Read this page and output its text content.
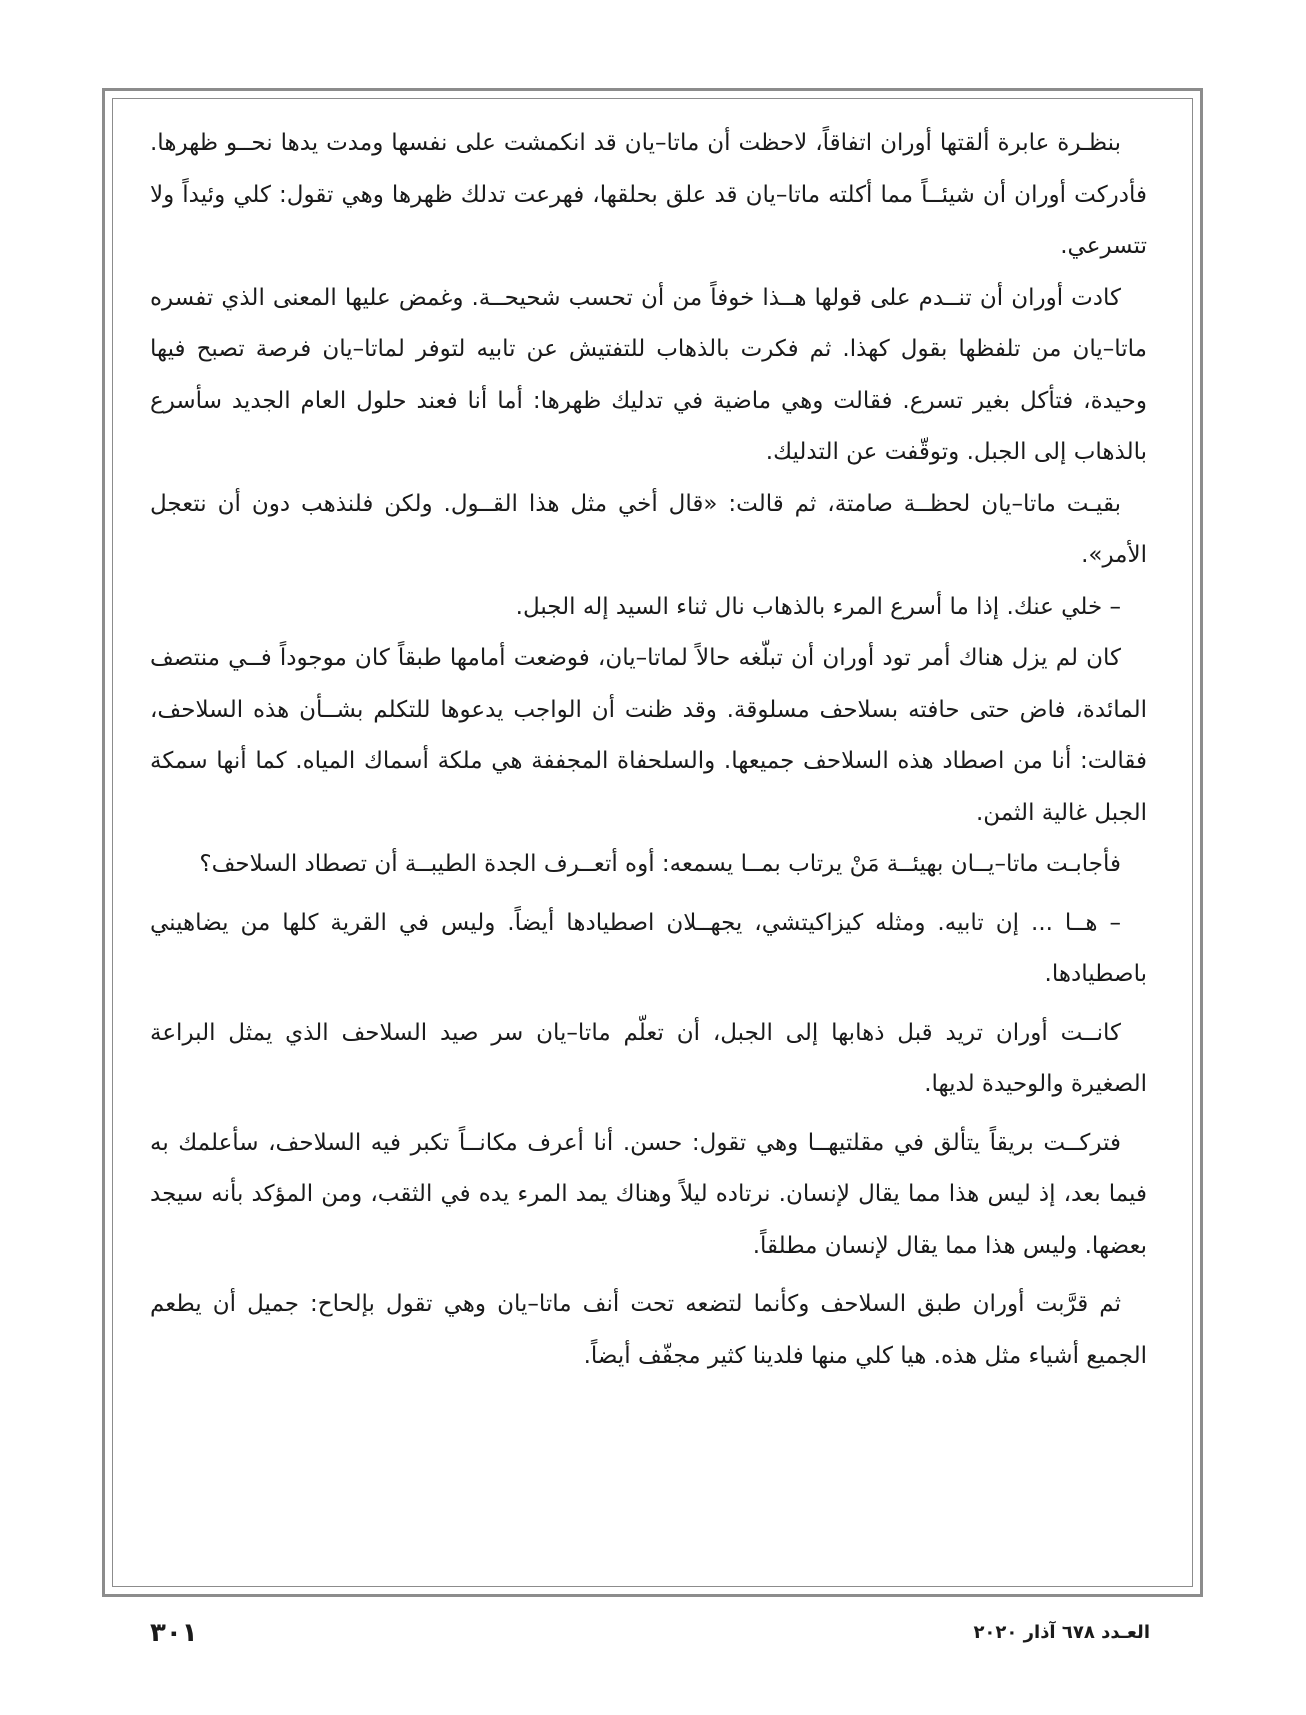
بنظـرة عابرة ألقتها أوران اتفاقاً، لاحظت أن ماتا–يان قد انكمشت على نفسها ومدت يدها نحــو ظهرها. فأدركت أوران أن شيئــاً مما أكلته ماتا–يان قد علق بحلقها، فهرعت تدلك ظهرها وهي تقول: كلي وئيداً ولا تتسرعي.

كادت أوران أن تنــدم على قولها هــذا خوفاً من أن تحسب شحيحــة. وغمض عليها المعنى الذي تفسره ماتا–يان من تلفظها بقول كهذا. ثم فكرت بالذهاب للتفتيش عن تابيه لتوفر لماتا–يان فرصة تصبح فيها وحيدة، فتأكل بغير تسرع. فقالت وهي ماضية في تدليك ظهرها: أما أنا فعند حلول العام الجديد سأسرع بالذهاب إلى الجبل. وتوقّفت عن التدليك.

بقيـت ماتا–يان لحظــة صامتة، ثم قالت: «قال أخي مثل هذا القــول. ولكن فلنذهب دون أن نتعجل الأمر».

– خلي عنك. إذا ما أسرع المرء بالذهاب نال ثناء السيد إله الجبل.

كان لم يزل هناك أمر تود أوران أن تبلّغه حالاً لماتا–يان، فوضعت أمامها طبقاً كان موجوداً فــي منتصف المائدة، فاض حتى حافته بسلاحف مسلوقة. وقد ظنت أن الواجب يدعوها للتكلم بشــأن هذه السلاحف، فقالت: أنا من اصطاد هذه السلاحف جميعها. والسلحفاة المجففة هي ملكة أسماك المياه. كما أنها سمكة الجبل غالية الثمن.

فأجابـت ماتا–يــان بهيئــة مَنْ يرتاب بمــا يسمعه: أوه أتعــرف الجدة الطيبــة أن تصطاد السلاحف؟

– هــا ... إن تابيه. ومثله كيزاكيتشي، يجهــلان اصطيادها أيضاً. وليس في القرية كلها من يضاهيني باصطيادها.

كانــت أوران تريد قبل ذهابها إلى الجبل، أن تعلّم ماتا–يان سر صيد السلاحف الذي يمثل البراعة الصغيرة والوحيدة لديها.

فتركــت بريقاً يتألق في مقلتيهــا وهي تقول: حسن. أنا أعرف مكانــاً تكبر فيه السلاحف، سأعلمك به فيما بعد، إذ ليس هذا مما يقال لإنسان. نرتاده ليلاً وهناك يمد المرء يده في الثقب، ومن المؤكد بأنه سيجد بعضها. وليس هذا مما يقال لإنسان مطلقاً.

ثم قرَّبت أوران طبق السلاحف وكأنما لتضعه تحت أنف ماتا–يان وهي تقول بإلحاح: جميل أن يطعم الجميع أشياء مثل هذه. هيا كلي منها فلدينا كثير مجفّف أيضاً.

٣٠١	العـدد ٦٧٨ آذار ٢٠٢٠
